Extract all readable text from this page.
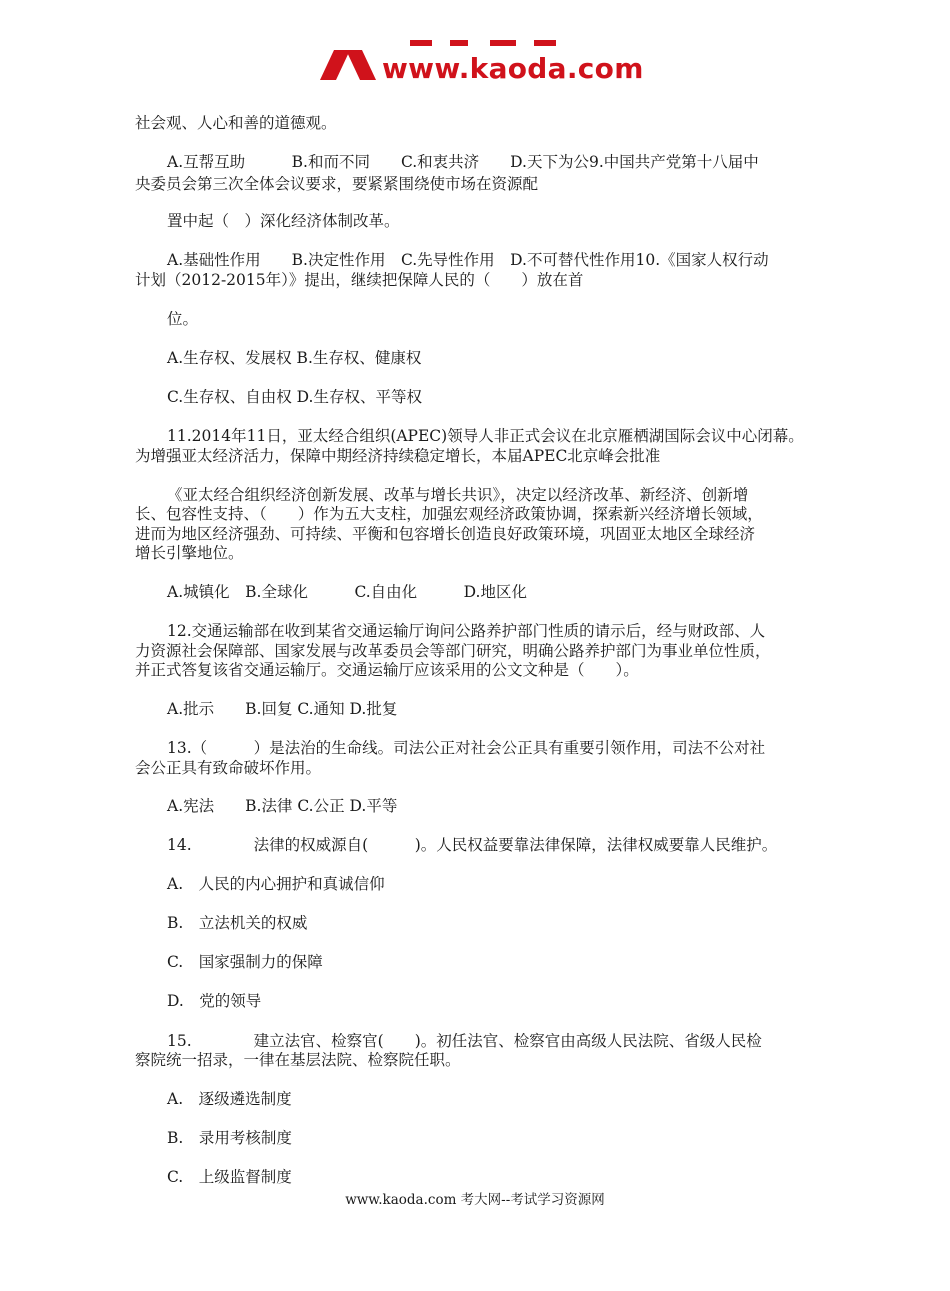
www.kaoda.com
社会观、人心和善的道德观。
A.互帮互助　　　B.和而不同　　C.和衷共济　　D.天下为公9.中国共产党第十八届中
央委员会第三次全体会议要求，要紧紧围绕使市场在资源配
置中起（　）深化经济体制改革。
A.基础性作用　　B.决定性作用　C.先导性作用　D.不可替代性作用10.《国家人权行动
计划（2012-2015年）》提出，继续把保障人民的（　　）放在首
位。
A.生存权、发展权 B.生存权、健康权
C.生存权、自由权 D.生存权、平等权
11.2014年11日，亚太经合组织(APEC)领导人非正式会议在北京雁栖湖国际会议中心闭幕。
为增强亚太经济活力，保障中期经济持续稳定增长，本届APEC北京峰会批准
《亚太经合组织经济创新发展、改革与增长共识》，决定以经济改革、新经济、创新增
长、包容性支持、（　　）作为五大支柱，加强宏观经济政策协调，探索新兴经济增长领域，
进而为地区经济强劲、可持续、平衡和包容增长创造良好政策环境，巩固亚太地区全球经济
增长引擎地位。
A.城镇化　B.全球化　　　C.自由化　　　D.地区化
12.交通运输部在收到某省交通运输厅询问公路养护部门性质的请示后，经与财政部、人
力资源社会保障部、国家发展与改革委员会等部门研究，明确公路养护部门为事业单位性质，
并正式答复该省交通运输厅。交通运输厅应该采用的公文文种是（　　）。
A.批示　　B.回复 C.通知 D.批复
13.（　　　）是法治的生命线。司法公正对社会公正具有重要引领作用，司法不公对社
会公正具有致命破坏作用。
A.宪法　　B.法律 C.公正 D.平等
14.　　　　法律的权威源自(　　　)。人民权益要靠法律保障，法律权威要靠人民维护。
A.　人民的内心拥护和真诚信仰
B.　立法机关的权威
C.　国家强制力的保障
D.　党的领导
15.　　　　建立法官、检察官(　　)。初任法官、检察官由高级人民法院、省级人民检
察院统一招录，一律在基层法院、检察院任职。
A.　逐级遴选制度
B.　录用考核制度
C.　上级监督制度
www.kaoda.com 考大网--考试学习资源网
